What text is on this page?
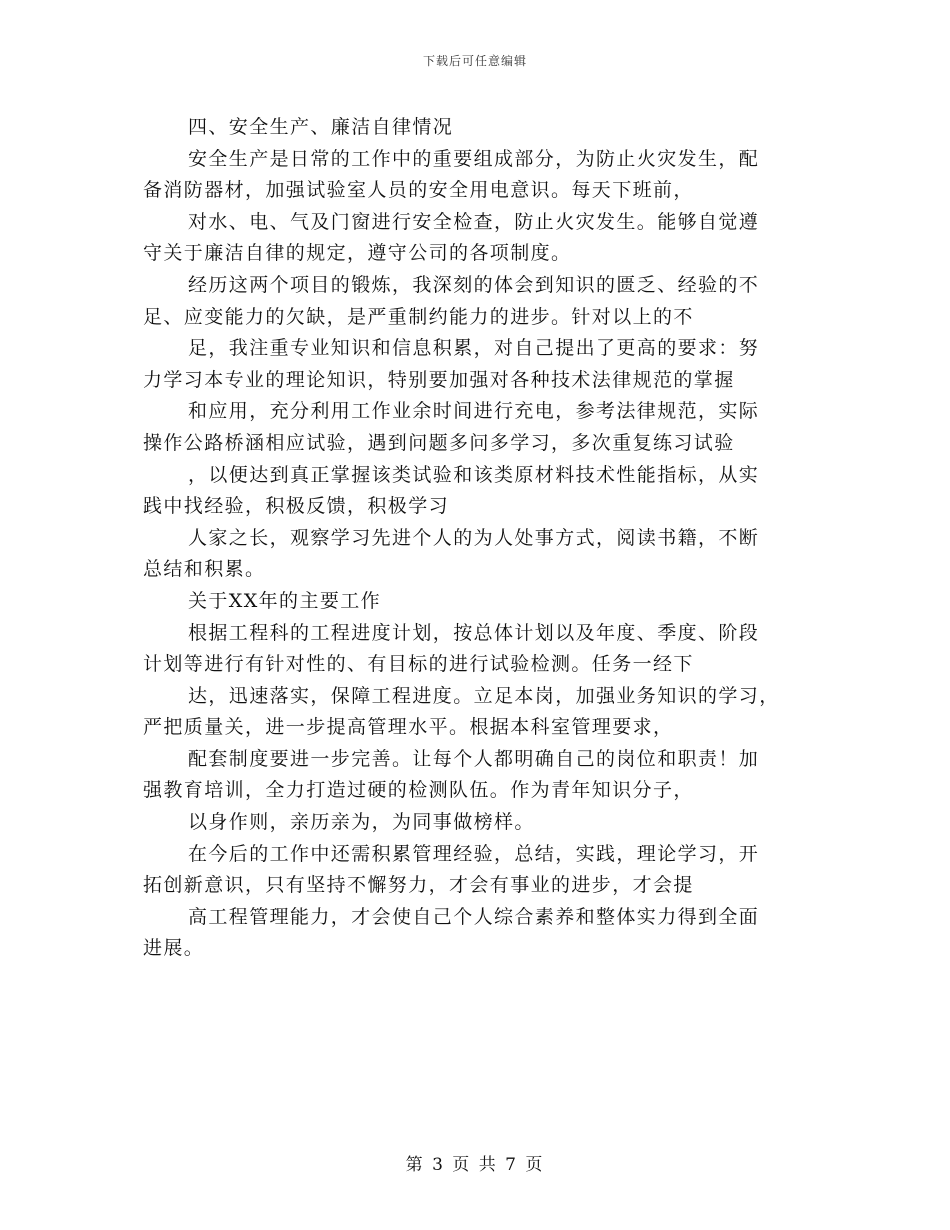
下载后可任意编辑
四、安全生产、廉洁自律情况
安全生产是日常的工作中的重要组成部分，为防止火灾发生，配
备消防器材，加强试验室人员的安全用电意识。每天下班前，
对水、电、气及门窗进行安全检查，防止火灾发生。能够自觉遵
守关于廉洁自律的规定，遵守公司的各项制度。
经历这两个项目的锻炼，我深刻的体会到知识的匮乏、经验的不
足、应变能力的欠缺，是严重制约能力的进步。针对以上的不
足，我注重专业知识和信息积累，对自己提出了更高的要求：努
力学习本专业的理论知识，特别要加强对各种技术法律规范的掌握
和应用，充分利用工作业余时间进行充电，参考法律规范，实际
操作公路桥涵相应试验，遇到问题多问多学习，多次重复练习试验
，以便达到真正掌握该类试验和该类原材料技术性能指标，从实
践中找经验，积极反馈，积极学习
人家之长，观察学习先进个人的为人处事方式，阅读书籍，不断
总结和积累。
关于XX年的主要工作
根据工程科的工程进度计划，按总体计划以及年度、季度、阶段
计划等进行有针对性的、有目标的进行试验检测。任务一经下
达，迅速落实，保障工程进度。立足本岗，加强业务知识的学习，
严把质量关，进一步提高管理水平。根据本科室管理要求，
配套制度要进一步完善。让每个人都明确自己的岗位和职责！加
强教育培训，全力打造过硬的检测队伍。作为青年知识分子，
以身作则，亲历亲为，为同事做榜样。
在今后的工作中还需积累管理经验，总结，实践，理论学习，开
拓创新意识，只有坚持不懈努力，才会有事业的进步，才会提
高工程管理能力，才会使自己个人综合素养和整体实力得到全面
进展。
第 3 页 共 7 页
